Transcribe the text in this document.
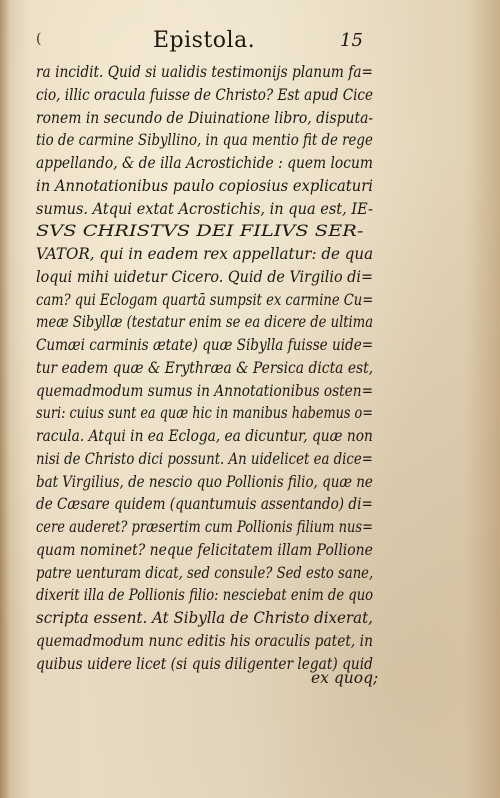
(	Epistola.	15
ra incidit. Quid si ualidis testimonijs planum fa=
cio, illic oracula fuisse de Christo? Est apud Cice
ronem in secundo de Diuinatione libro, disputa-
tio de carmine Sibyllino, in qua mentio fit de rege
appellando, & de illa Acrostichide : quem locum
in Annotationibus paulo copiosius explicaturi
sumus. Atqui extat Acrostichis, in qua est, IE-
SVS CHRISTVS DEI FILIVS SER-
VATOR, qui in eadem rex appellatur: de qua
loqui mihi uidetur Cicero. Quid de Virgilio di=
cam? qui Eclogam quartā sumpsit ex carmine Cu=
meæ Sibyllæ (testatur enim se ea dicere de ultima
Cumæi carminis ætate) quæ Sibylla fuisse uide=
tur eadem quæ & Erythræa & Persica dicta est,
quemadmodum sumus in Annotationibus osten=
suri: cuius sunt ea quæ hic in manibus habemus o=
racula. Atqui in ea Ecloga, ea dicuntur, quæ non
nisi de Christo dici possunt. An uidelicet ea dice=
bat Virgilius, de nescio quo Pollionis filio, quæ ne
de Cæsare quidem (quantumuis assentando) di=
cere auderet? præsertim cum Pollionis filium nus=
quam nominet? neque felicitatem illam Pollione
patre uenturam dicat, sed consule? Sed esto sane,
dixerit illa de Pollionis filio: nesciebat enim de quo
scripta essent. At Sibylla de Christo dixerat,
quemadmodum nunc editis his oraculis patet, in
quibus uidere licet (si quis diligenter legat) quid
ex quoq;
